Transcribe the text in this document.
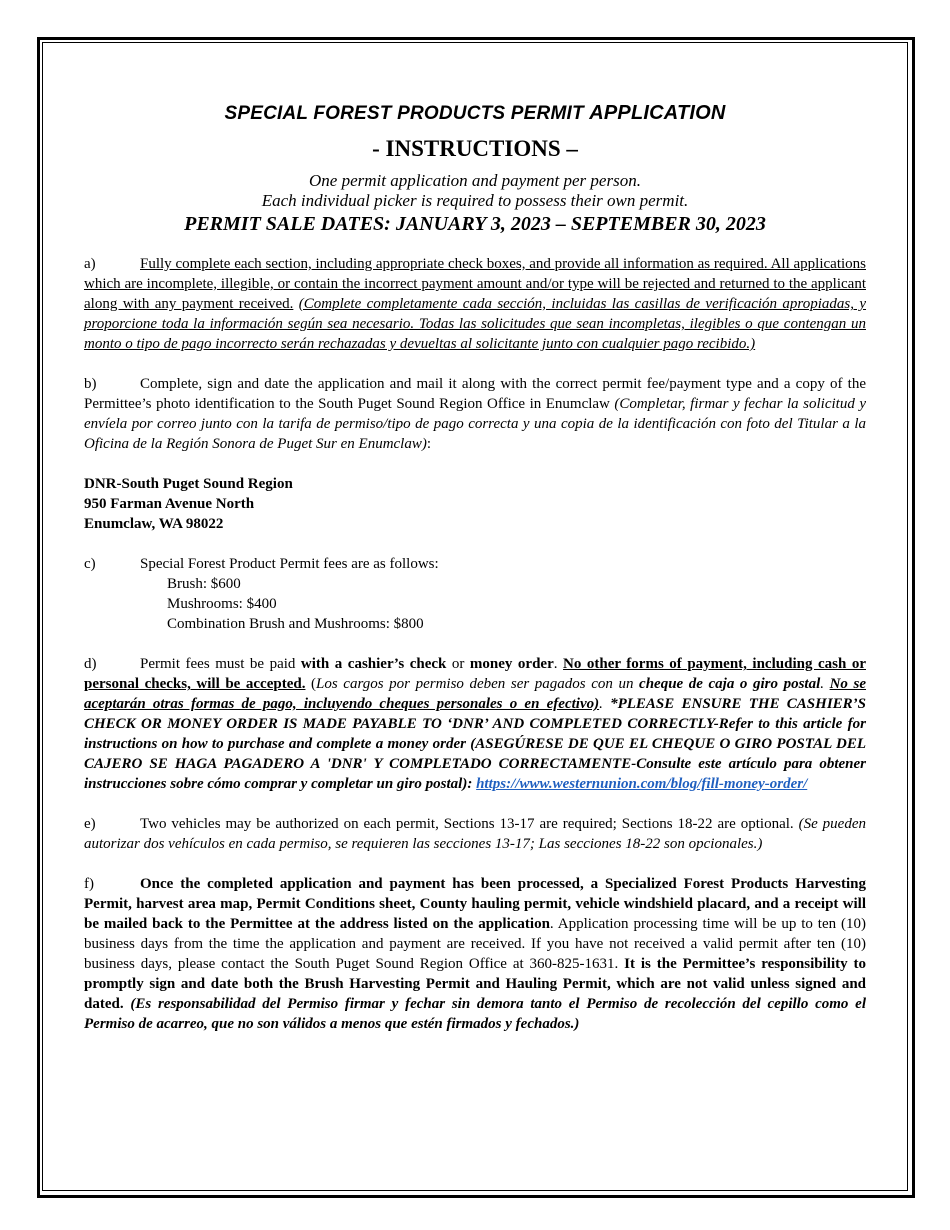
SPECIAL FOREST PRODUCTS PERMIT APPLICATION
- INSTRUCTIONS –

One permit application and payment per person.

Each individual picker is required to possess their own permit.

PERMIT SALE DATES: JANUARY 3, 2023 – SEPTEMBER 30, 2023

a)	Fully complete each section, including appropriate check boxes, and provide all information as required. All applications which are incomplete, illegible, or contain the incorrect payment amount and/or type will be rejected and returned to the applicant along with any payment received. (Complete completamente cada sección, incluidas las casillas de verificación apropiadas, y proporcione toda la información según sea necesario. Todas las solicitudes que sean incompletas, ilegibles o que contengan un monto o tipo de pago incorrecto serán rechazadas y devueltas al solicitante junto con cualquier pago recibido.)

b)	Complete, sign and date the application and mail it along with the correct permit fee/payment type and a copy of the Permittee’s photo identification to the South Puget Sound Region Office in Enumclaw (Completar, firmar y fechar la solicitud y envíela por correo junto con la tarifa de permiso/tipo de pago correcta y una copia de la identificación con foto del Titular a la Oficina de la Región Sonora de Puget Sur en Enumclaw):

DNR-South Puget Sound Region
950 Farman Avenue North
Enumclaw, WA 98022
c)	Special Forest Product Permit fees are as follows:
Brush: $600
Mushrooms: $400
Combination Brush and Mushrooms: $800

d)	Permit fees must be paid with a cashier’s check or money order. No other forms of payment, including cash or personal checks, will be accepted. (Los cargos por permiso deben ser pagados con un cheque de caja o giro postal. No se aceptarán otras formas de pago, incluyendo cheques personales o en efectivo). *PLEASE ENSURE THE CASHIER’S CHECK OR MONEY ORDER IS MADE PAYABLE TO ‘DNR’ AND COMPLETED CORRECTLY-Refer to this article for instructions on how to purchase and complete a money order (ASEGÚRESE DE QUE EL CHEQUE O GIRO POSTAL DEL CAJERO SE HAGA PAGADERO A 'DNR' Y COMPLETADO CORRECTAMENTE-Consulte este artículo para obtener instrucciones sobre cómo comprar y completar un giro postal): https://www.westernunion.com/blog/fill-money-order/

e)	Two vehicles may be authorized on each permit, Sections 13-17 are required; Sections 18-22 are optional. (Se pueden autorizar dos vehículos en cada permiso, se requieren las secciones 13-17; Las secciones 18-22 son opcionales.)

f)	Once the completed application and payment has been processed, a Specialized Forest Products Harvesting Permit, harvest area map, Permit Conditions sheet, County hauling permit, vehicle windshield placard, and a receipt will be mailed back to the Permittee at the address listed on the application. Application processing time will be up to ten (10) business days from the time the application and payment are received. If you have not received a valid permit after ten (10) business days, please contact the South Puget Sound Region Office at 360-825-1631. It is the Permittee’s responsibility to promptly sign and date both the Brush Harvesting Permit and Hauling Permit, which are not valid unless signed and dated. (Es responsabilidad del Permiso firmar y fechar sin demora tanto el Permiso de recolección del cepillo como el Permiso de acarreo, que no son válidos a menos que estén firmados y fechados.)
